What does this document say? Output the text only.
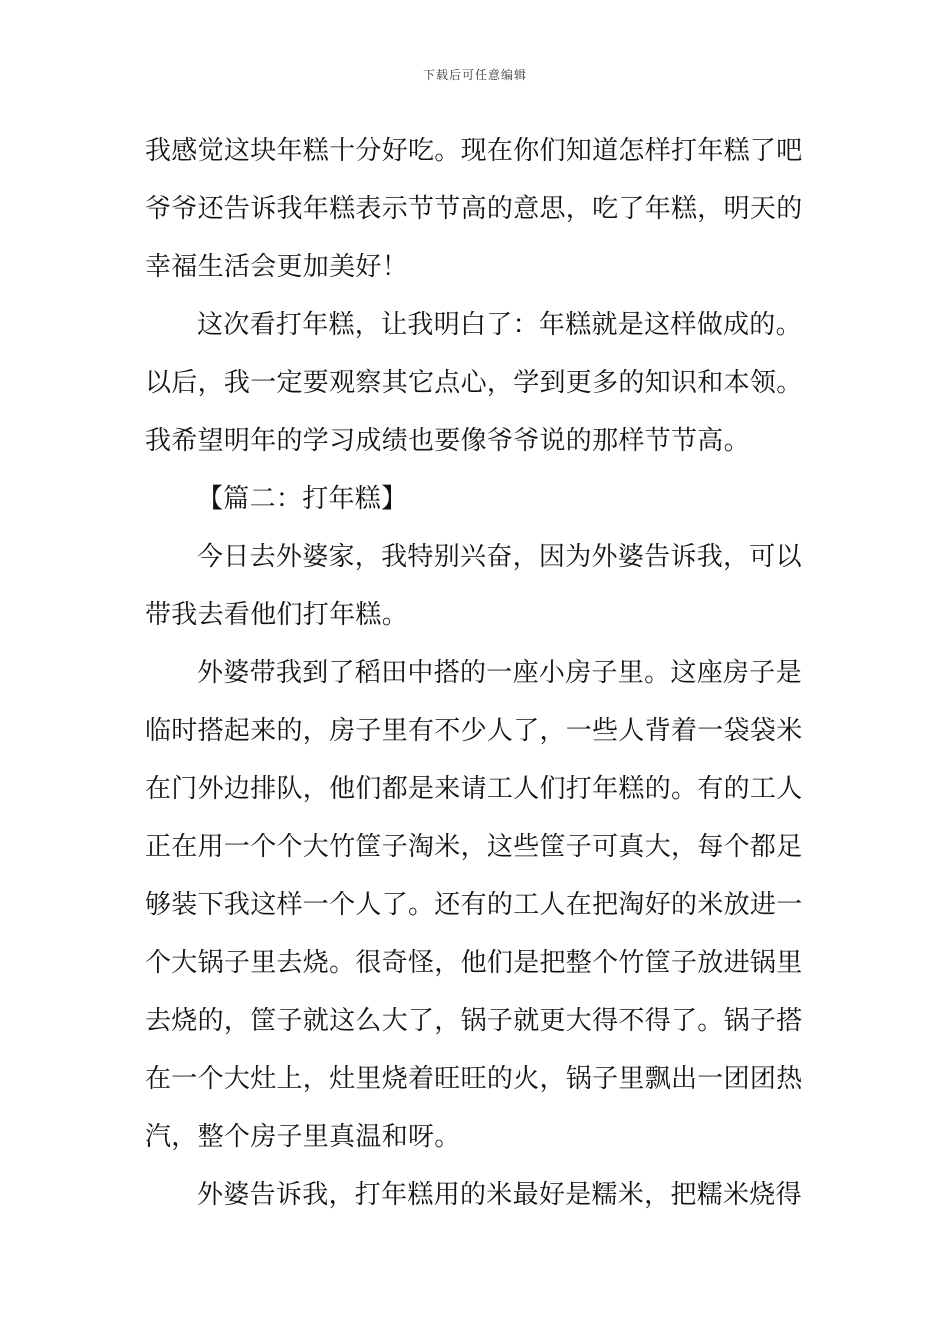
下载后可任意编辑
我感觉这块年糕十分好吃。现在你们知道怎样打年糕了吧
爷爷还告诉我年糕表示节节高的意思，吃了年糕，明天的
幸福生活会更加美好！
这次看打年糕，让我明白了：年糕就是这样做成的。
以后，我一定要观察其它点心，学到更多的知识和本领。
我希望明年的学习成绩也要像爷爷说的那样节节高。
【篇二：打年糕】
今日去外婆家，我特别兴奋，因为外婆告诉我，可以
带我去看他们打年糕。
外婆带我到了稻田中搭的一座小房子里。这座房子是
临时搭起来的，房子里有不少人了，一些人背着一袋袋米
在门外边排队，他们都是来请工人们打年糕的。有的工人
正在用一个个大竹筐子淘米，这些筐子可真大，每个都足
够装下我这样一个人了。还有的工人在把淘好的米放进一
个大锅子里去烧。很奇怪，他们是把整个竹筐子放进锅里
去烧的，筐子就这么大了，锅子就更大得不得了。锅子搭
在一个大灶上，灶里烧着旺旺的火，锅子里飘出一团团热
汽，整个房子里真温和呀。
外婆告诉我，打年糕用的米最好是糯米，把糯米烧得
